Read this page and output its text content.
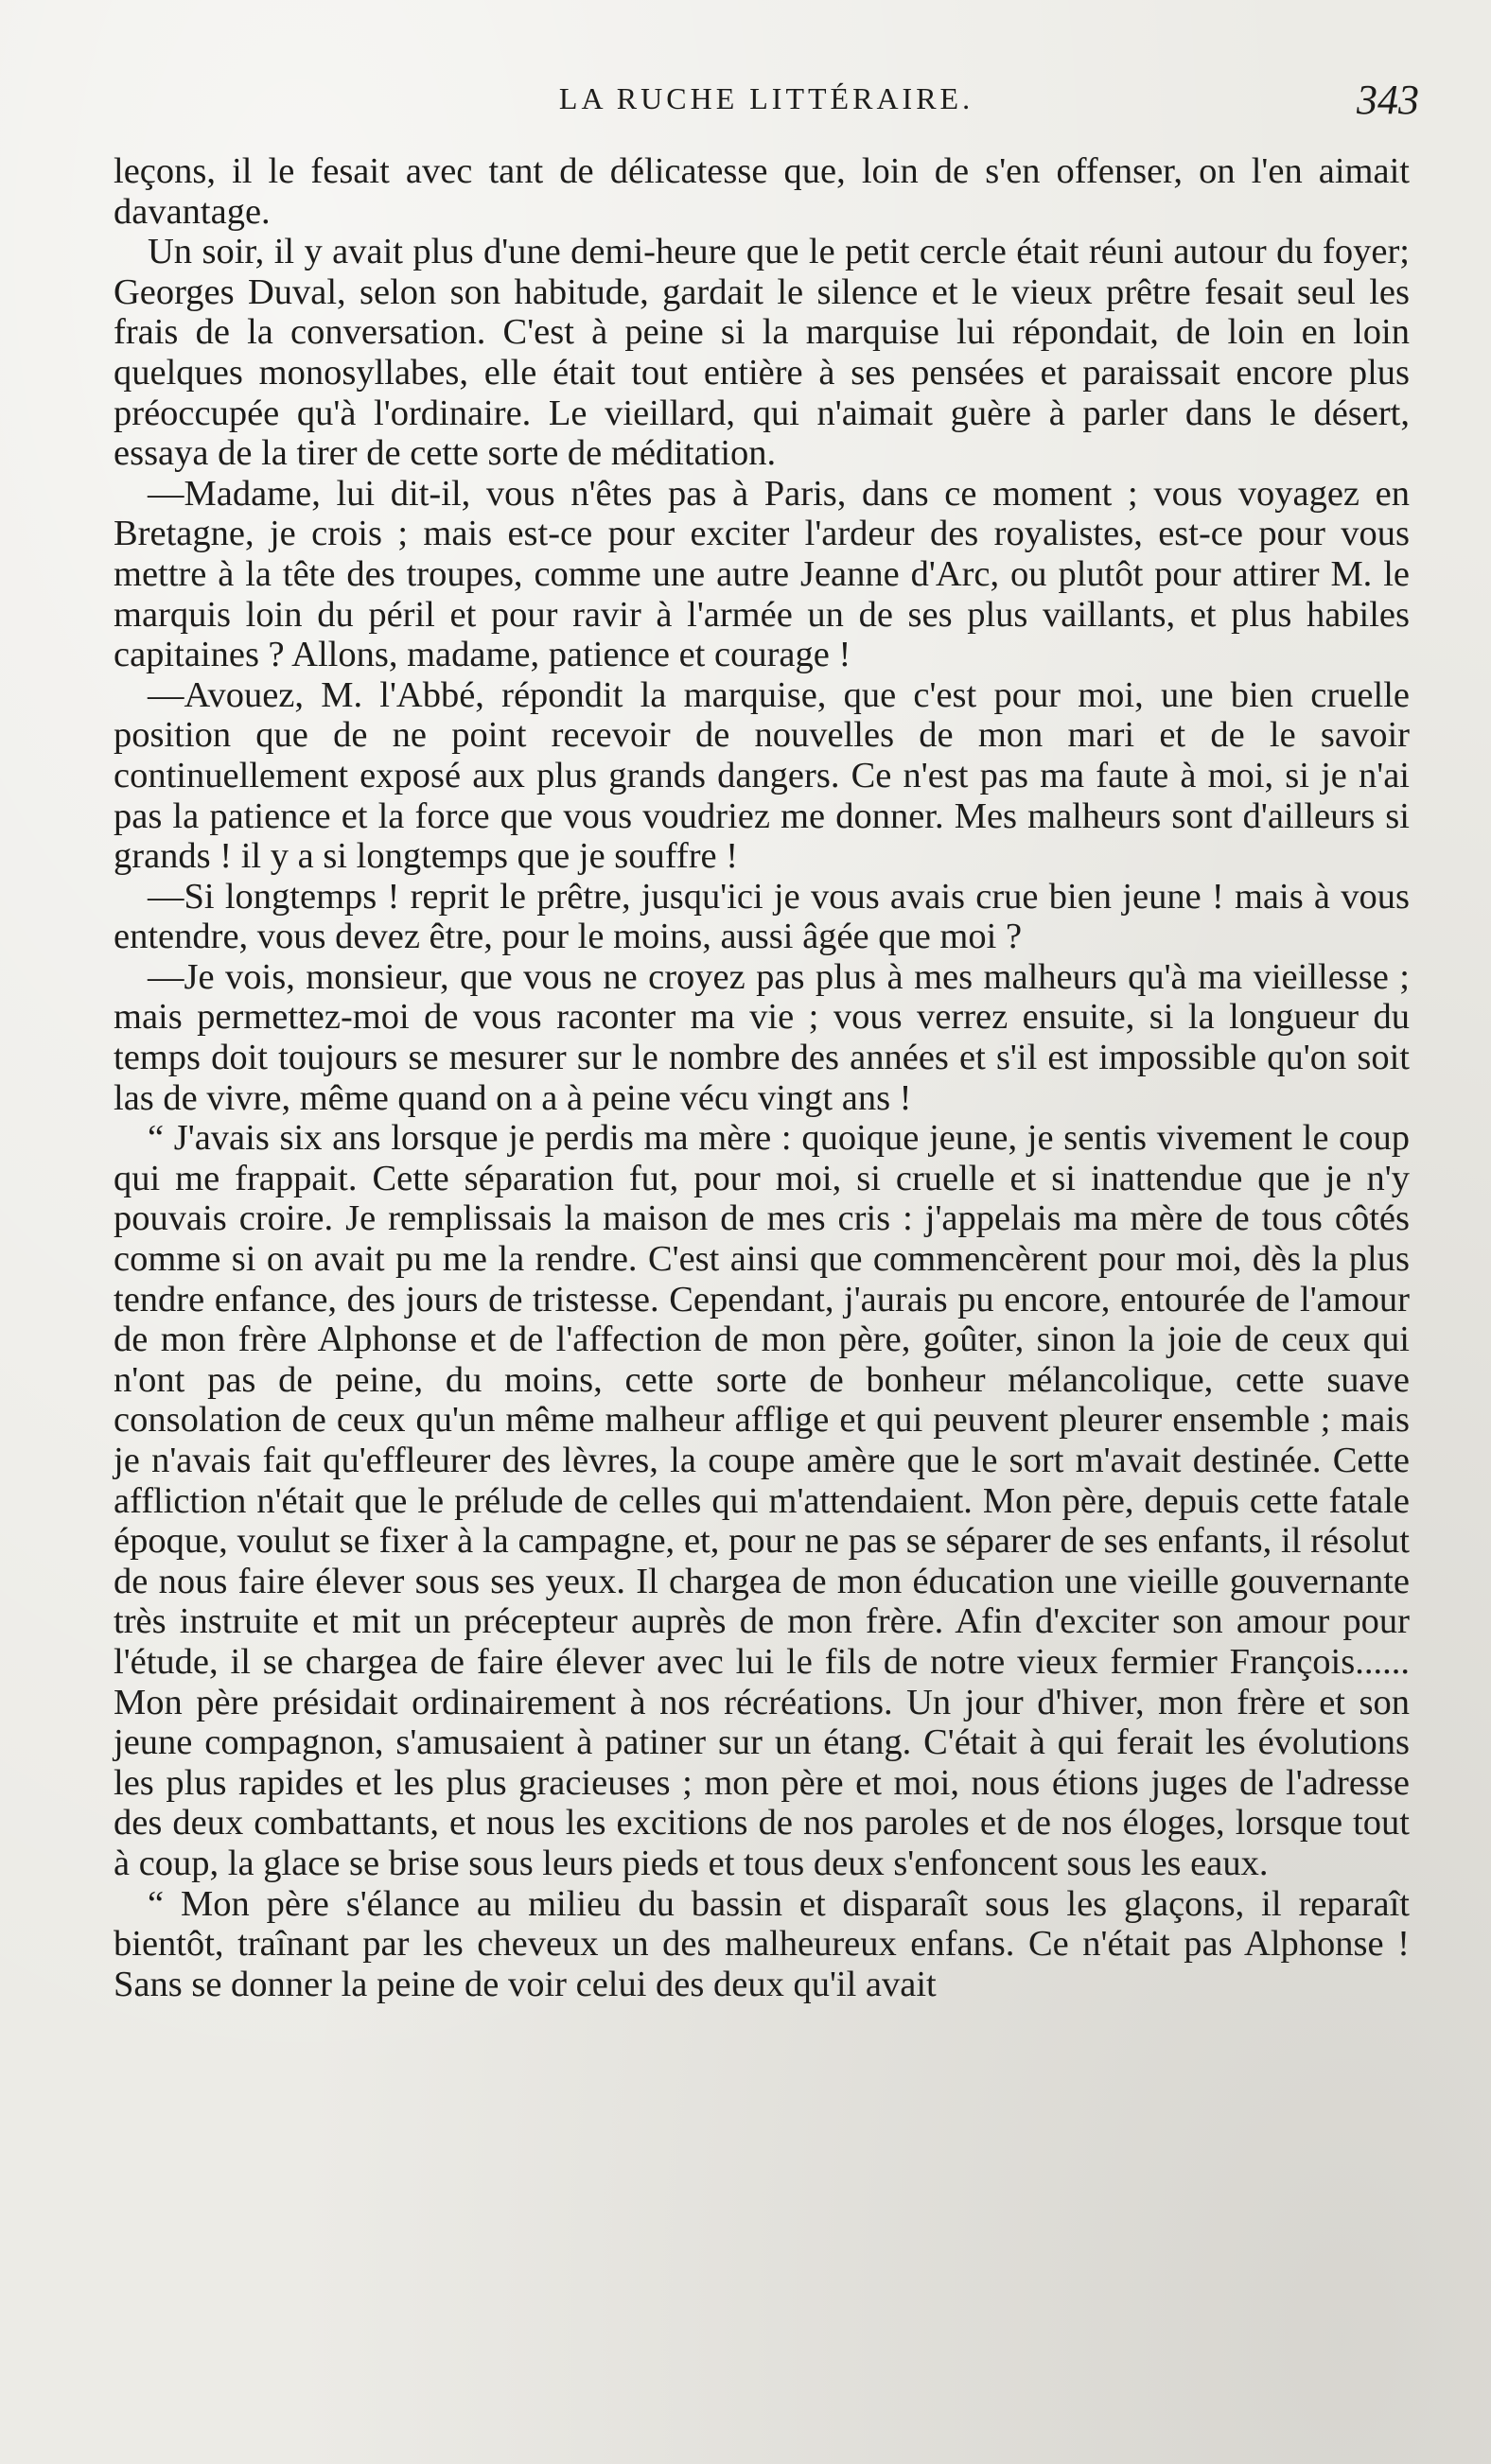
LA RUCHE LITTÉRAIRE.	343

leçons, il le fesait avec tant de délicatesse que, loin de s'en offenser, on l'en aimait davantage.

Un soir, il y avait plus d'une demi-heure que le petit cercle était réuni autour du foyer; Georges Duval, selon son habitude, gardait le silence et le vieux prêtre fesait seul les frais de la conversation. C'est à peine si la marquise lui répondait, de loin en loin quelques monosyllabes, elle était tout entière à ses pensées et paraissait encore plus préoccupée qu'à l'ordinaire. Le vieillard, qui n'aimait guère à parler dans le désert, essaya de la tirer de cette sorte de méditation.

—Madame, lui dit-il, vous n'êtes pas à Paris, dans ce moment ; vous voyagez en Bretagne, je crois ; mais est-ce pour exciter l'ardeur des royalistes, est-ce pour vous mettre à la tête des troupes, comme une autre Jeanne d'Arc, ou plutôt pour attirer M. le marquis loin du péril et pour ravir à l'armée un de ses plus vaillants, et plus habiles capitaines ? Allons, madame, patience et courage !

—Avouez, M. l'Abbé, répondit la marquise, que c'est pour moi, une bien cruelle position que de ne point recevoir de nouvelles de mon mari et de le savoir continuellement exposé aux plus grands dangers. Ce n'est pas ma faute à moi, si je n'ai pas la patience et la force que vous voudriez me donner. Mes malheurs sont d'ailleurs si grands ! il y a si longtemps que je souffre !

—Si longtemps ! reprit le prêtre, jusqu'ici je vous avais crue bien jeune ! mais à vous entendre, vous devez être, pour le moins, aussi âgée que moi ?

—Je vois, monsieur, que vous ne croyez pas plus à mes malheurs qu'à ma vieillesse ; mais permettez-moi de vous raconter ma vie ; vous verrez ensuite, si la longueur du temps doit toujours se mesurer sur le nombre des années et s'il est impossible qu'on soit las de vivre, même quand on a à peine vécu vingt ans !

“ J'avais six ans lorsque je perdis ma mère : quoique jeune, je sentis vivement le coup qui me frappait. Cette séparation fut, pour moi, si cruelle et si inattendue que je n'y pouvais croire. Je remplissais la maison de mes cris : j'appelais ma mère de tous côtés comme si on avait pu me la rendre. C'est ainsi que commencèrent pour moi, dès la plus tendre enfance, des jours de tristesse. Cependant, j'aurais pu encore, entourée de l'amour de mon frère Alphonse et de l'affection de mon père, goûter, sinon la joie de ceux qui n'ont pas de peine, du moins, cette sorte de bonheur mélancolique, cette suave consolation de ceux qu'un même malheur afflige et qui peuvent pleurer ensemble ; mais je n'avais fait qu'effleurer des lèvres, la coupe amère que le sort m'avait destinée. Cette affliction n'était que le prélude de celles qui m'attendaient. Mon père, depuis cette fatale époque, voulut se fixer à la campagne, et, pour ne pas se séparer de ses enfants, il résolut de nous faire élever sous ses yeux. Il chargea de mon éducation une vieille gouvernante très instruite et mit un précepteur auprès de mon frère. Afin d'exciter son amour pour l'étude, il se chargea de faire élever avec lui le fils de notre vieux fermier François...... Mon père présidait ordinairement à nos récréations. Un jour d'hiver, mon frère et son jeune compagnon, s'amusaient à patiner sur un étang. C'était à qui ferait les évolutions les plus rapides et les plus gracieuses ; mon père et moi, nous étions juges de l'adresse des deux combattants, et nous les excitions de nos paroles et de nos éloges, lorsque tout à coup, la glace se brise sous leurs pieds et tous deux s'enfoncent sous les eaux.

“ Mon père s'élance au milieu du bassin et disparaît sous les glaçons, il reparaît bientôt, traînant par les cheveux un des malheureux enfans. Ce n'était pas Alphonse ! Sans se donner la peine de voir celui des deux qu'il avait
